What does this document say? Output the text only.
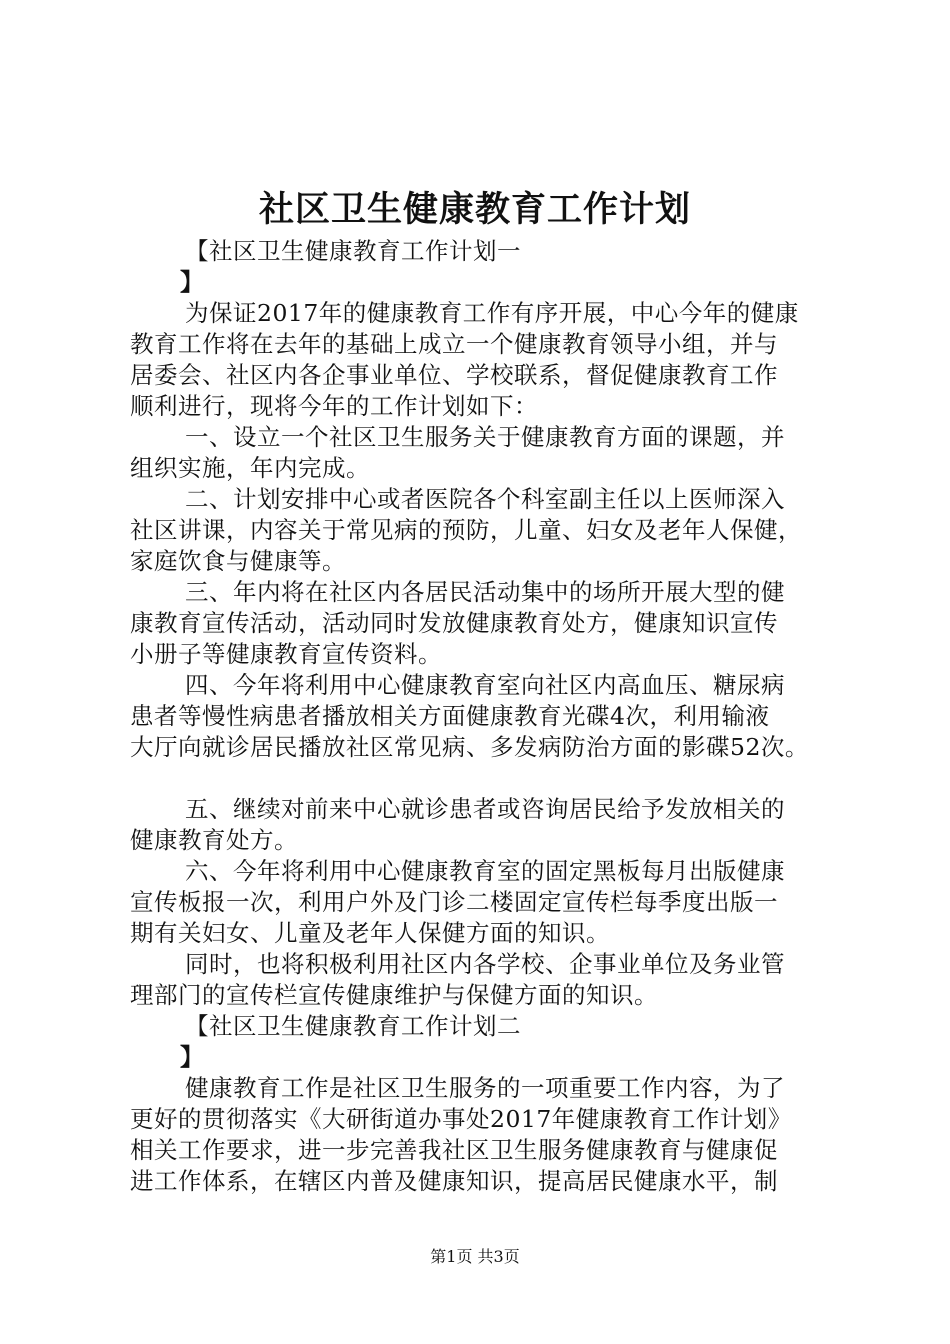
社区卫生健康教育工作计划

【社区卫生健康教育工作计划一

】

为保证2017年的健康教育工作有序开展，中心今年的健康

教育工作将在去年的基础上成立一个健康教育领导小组，并与

居委会、社区内各企事业单位、学校联系，督促健康教育工作

顺利进行，现将今年的工作计划如下：

一、设立一个社区卫生服务关于健康教育方面的课题，并

组织实施，年内完成。

二、计划安排中心或者医院各个科室副主任以上医师深入

社区讲课，内容关于常见病的预防，儿童、妇女及老年人保健，

家庭饮食与健康等。

三、年内将在社区内各居民活动集中的场所开展大型的健

康教育宣传活动，活动同时发放健康教育处方，健康知识宣传

小册子等健康教育宣传资料。

四、今年将利用中心健康教育室向社区内高血压、糖尿病

患者等慢性病患者播放相关方面健康教育光碟4次，利用输液

大厅向就诊居民播放社区常见病、多发病防治方面的影碟52次。

五、继续对前来中心就诊患者或咨询居民给予发放相关的

健康教育处方。

六、今年将利用中心健康教育室的固定黑板每月出版健康

宣传板报一次，利用户外及门诊二楼固定宣传栏每季度出版一

期有关妇女、儿童及老年人保健方面的知识。

同时，也将积极利用社区内各学校、企事业单位及务业管

理部门的宣传栏宣传健康维护与保健方面的知识。

【社区卫生健康教育工作计划二

】

健康教育工作是社区卫生服务的一项重要工作内容，为了

更好的贯彻落实《大研街道办事处2017年健康教育工作计划》

相关工作要求，进一步完善我社区卫生服务健康教育与健康促

进工作体系，在辖区内普及健康知识，提高居民健康水平，制

第1页 共3页
